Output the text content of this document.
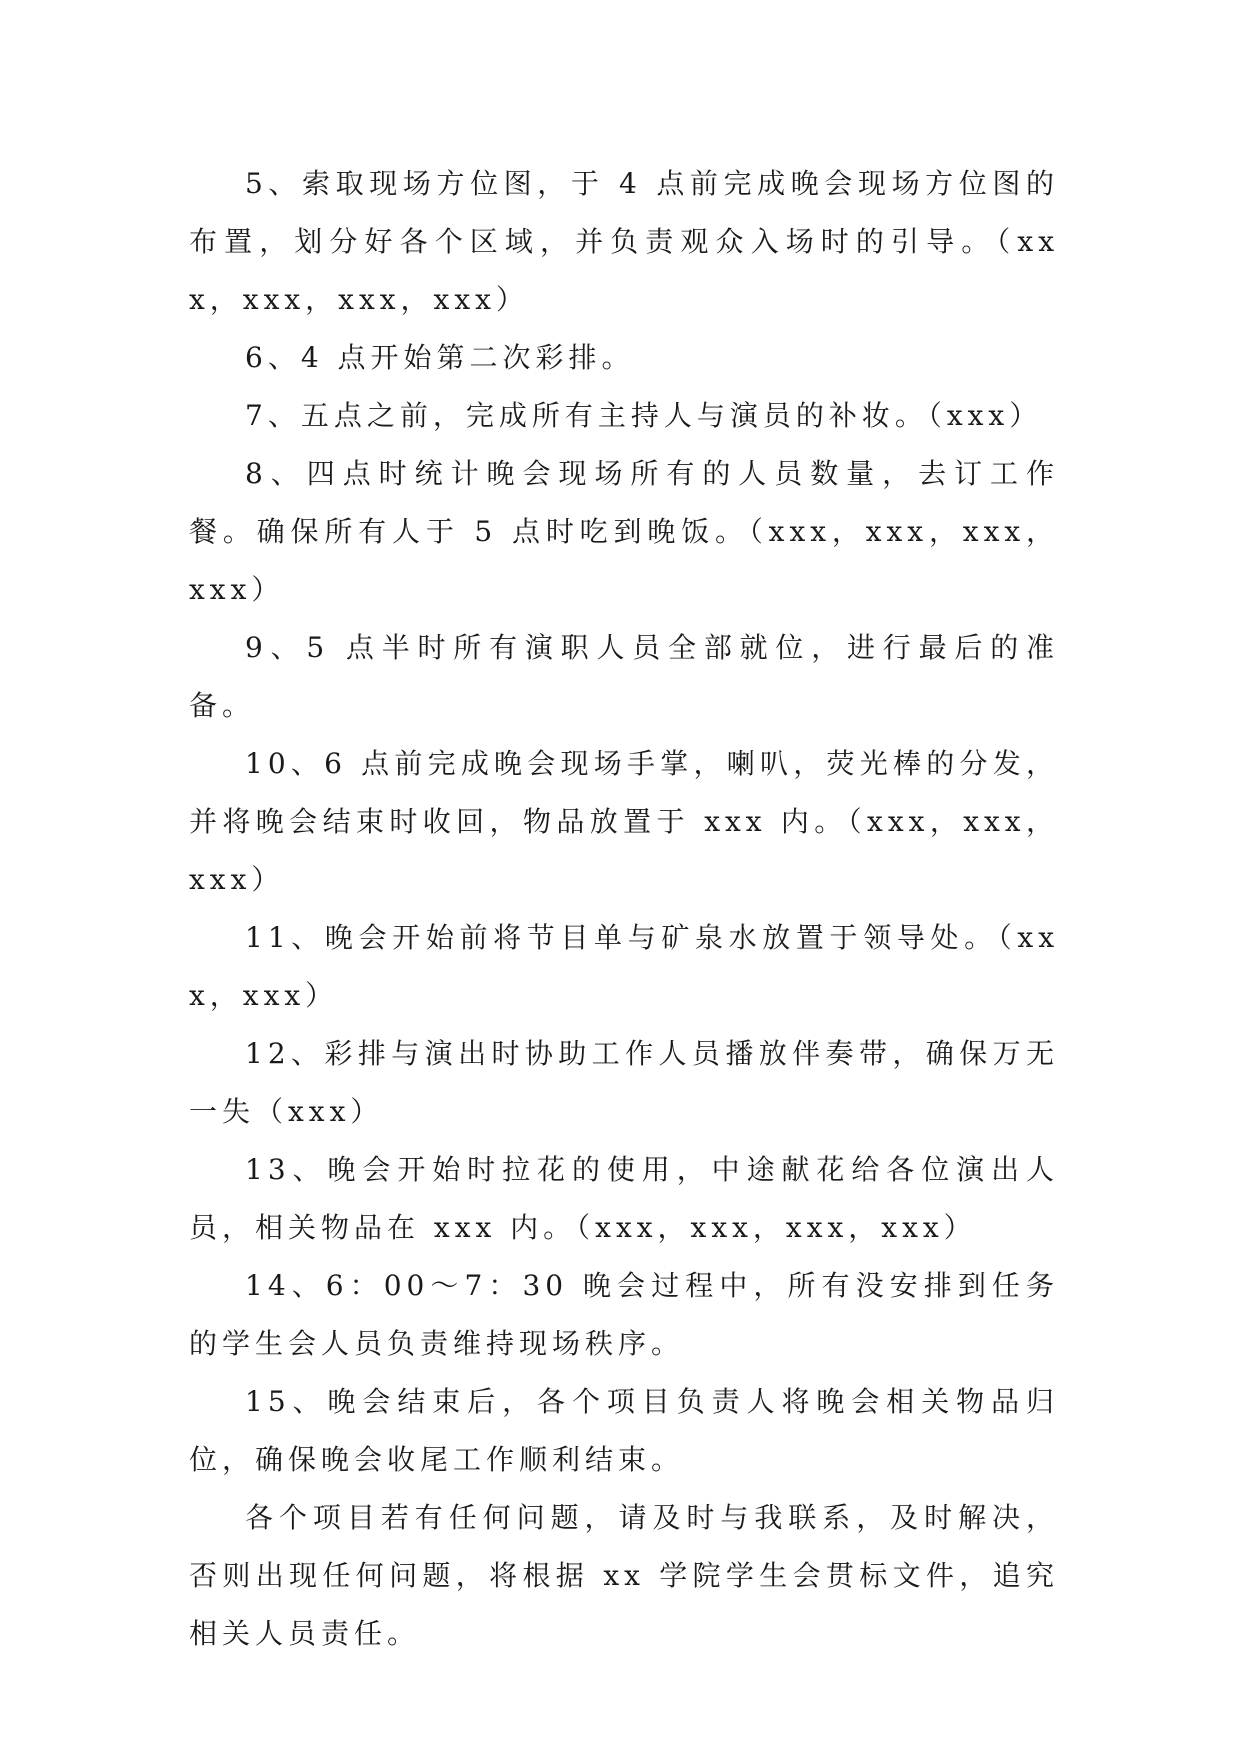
5、索取现场方位图，于 4 点前完成晚会现场方位图的布置，划分好各个区域，并负责观众入场时的引导。（xxx，xxx，xxx，xxx）

6、4 点开始第二次彩排。

7、五点之前，完成所有主持人与演员的补妆。（xxx）

8、四点时统计晚会现场所有的人员数量，去订工作餐。确保所有人于 5 点时吃到晚饭。（xxx，xxx，xxx，xxx）

9、5 点半时所有演职人员全部就位，进行最后的准备。

10、6 点前完成晚会现场手掌，喇叭，荧光棒的分发，并将晚会结束时收回，物品放置于 xxx 内。（xxx，xxx，xxx）

11、晚会开始前将节目单与矿泉水放置于领导处。（xxx，xxx）

12、彩排与演出时协助工作人员播放伴奏带，确保万无一失（xxx）

13、晚会开始时拉花的使用，中途献花给各位演出人员，相关物品在 xxx 内。（xxx，xxx，xxx，xxx）

14、6：00～7：30 晚会过程中，所有没安排到任务的学生会人员负责维持现场秩序。

15、晚会结束后，各个项目负责人将晚会相关物品归位，确保晚会收尾工作顺利结束。

各个项目若有任何问题，请及时与我联系，及时解决，否则出现任何问题，将根据 xx 学院学生会贯标文件，追究相关人员责任。
